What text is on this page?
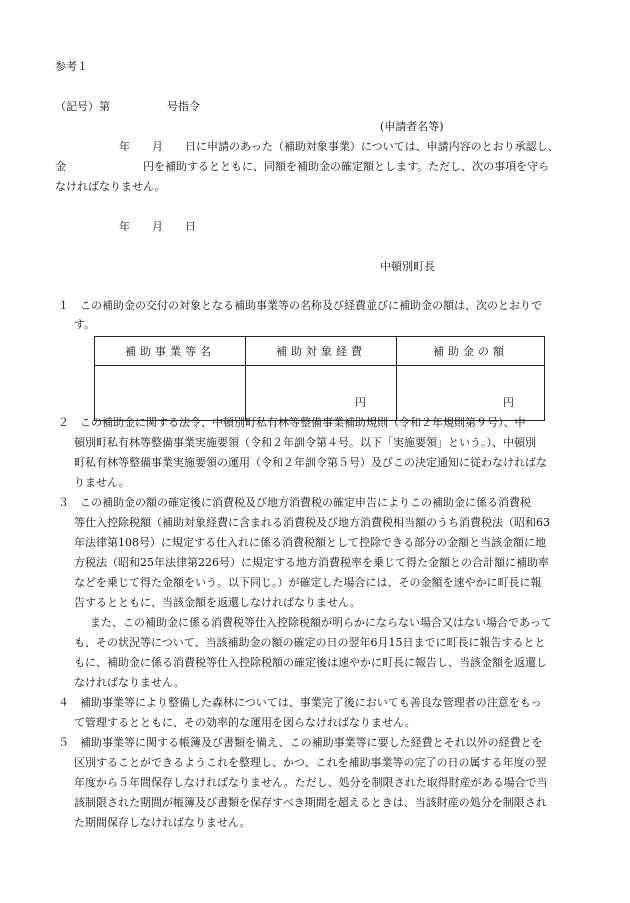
参考１
（記号）第	号指令
(申請者名等)
年　　月　　日に申請のあった（補助対象事業）については、申請内容のとおり承認し、
金　　　　　　　円を補助するとともに、同額を補助金の確定額とします。ただし、次の事項を守ら
なければなりません。
年　　月　　日
中頓別町長
１　この補助金の交付の対象となる補助事業等の名称及び経費並びに補助金の額は、次のとおりで
す。
補助事業等名	補助対象経費	補助金の額
	円	円
２　この補助金に関する法令、中頓別町私有林等整備事業補助規則（令和２年規則第９号）、中
頓別町私有林等整備事業実施要領（令和２年訓令第４号。以下「実施要領」という。）、中頓別
町私有林等整備事業実施要領の運用（令和２年訓令第５号）及びこの決定通知に従わなければな
りません。
３　この補助金の額の確定後に消費税及び地方消費税の確定申告によりこの補助金に係る消費税
等仕入控除税額（補助対象経費に含まれる消費税及び地方消費税相当額のうち消費税法（昭和63
年法律第108号）に規定する仕入れに係る消費税額として控除できる部分の金額と当該金額に地
方税法（昭和25年法律第226号）に規定する地方消費税率を乗じて得た金額との合計額に補助率
などを乗じて得た金額をいう。以下同じ。）が確定した場合には、その金額を速やかに町長に報
告するとともに、当該金額を返還しなければなりません。
また、この補助金に係る消費税等仕入控除税額が明らかにならない場合又はない場合であって
も、その状況等について、当該補助金の額の確定の日の翌年6月15日までに町長に報告するとと
もに、補助金に係る消費税等仕入控除税額の確定後は速やかに町長に報告し、当該金額を返還し
なければなりません。
４　補助事業等により整備した森林については、事業完了後においても善良な管理者の注意をもっ
て管理するとともに、その効率的な運用を図らなければなりません。
５　補助事業等に関する帳簿及び書類を備え、この補助事業等に要した経費とそれ以外の経費とを
区別することができるようこれを整理し、かつ、これを補助事業等の完了の日の属する年度の翌
年度から５年間保存しなければなりません。ただし、処分を制限された取得財産がある場合で当
該制限された期間が帳簿及び書類を保存すべき期間を超えるときは、当該財産の処分を制限され
た期間保存しなければなりません。
